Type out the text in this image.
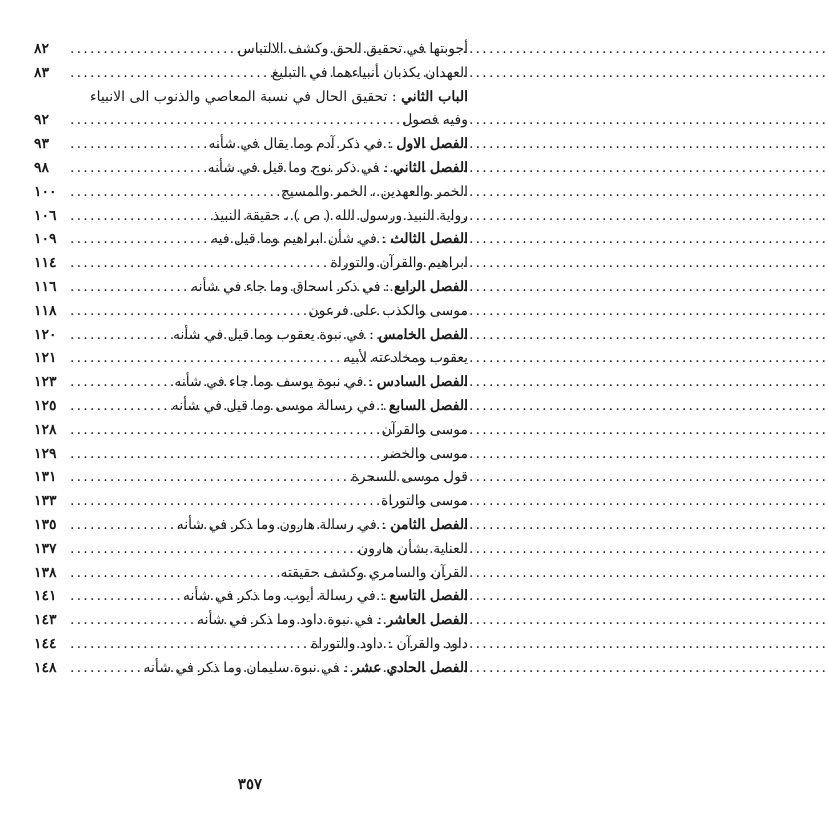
أجوبتها في تحقيق الحق وكشف الالتباس
.....
٨٢
العهدان يكذبان أنبياءهما في التبليغ
.....
٨٣
الباب الثاني : تحقيق الحال في نسبة المعاصي والذنوب الى الانبياء
وفيه فصول
.....
٩٢
الفصل الاول : في ذكر آدم وما يقال في شأنه
.....
٩٣
الفصل الثاني : في ذكر نوح وما قيل في شأنه
.....
٩٨
الخمر والعهدين ، الخمر والمسيح
.....
١٠٠
رواية النبيذ ورسول الله ( ص ) ، حقيقة النبيذ
.....
١٠٦
الفصل الثالث : في شأن ابراهيم وما قيل فيه
.....
١٠٩
ابراهيم والقرآن والتوراة
.....
١١٤
الفصل الرابع : في ذكر اسحاق وما جاء في شأنه
.....
١١٦
موسى والكذب على فرعون
.....
١١٨
الفصل الخامس : في نبوة يعقوب وما قيل في شأنه
.....
١٢٠
يعقوب ومخادعته لأبيه
.....
١٢١
الفصل السادس : في نبوة يوسف وما جاء في شأنه
.....
١٢٣
الفصل السابع : في رسالة موسى وما قيل في شأنه
.....
١٢٥
موسى والقرآن
.....
١٢٨
موسى والخضر
.....
١٢٩
قول موسى للسحرة
.....
١٣١
موسى والتوراة
.....
١٣٣
الفصل الثامن : في رسالة هارون وما ذكر في شأنه
.....
١٣٥
العناية بشأن هارون
.....
١٣٧
القرآن والسامري وكشف حقيقته
.....
١٣٨
الفصل التاسع : في رسالة أيوب وما ذكر في شأنه
.....
١٤١
الفصل العاشر : في نبوة داود وما ذكر في شأنه
.....
١٤٣
داود والقرآن : داود والتوراة
.....
١٤٤
الفصل الحادي عشر : في نبوة سليمان وما ذكر في شأنه
.....
١٤٨
٣٥٧
